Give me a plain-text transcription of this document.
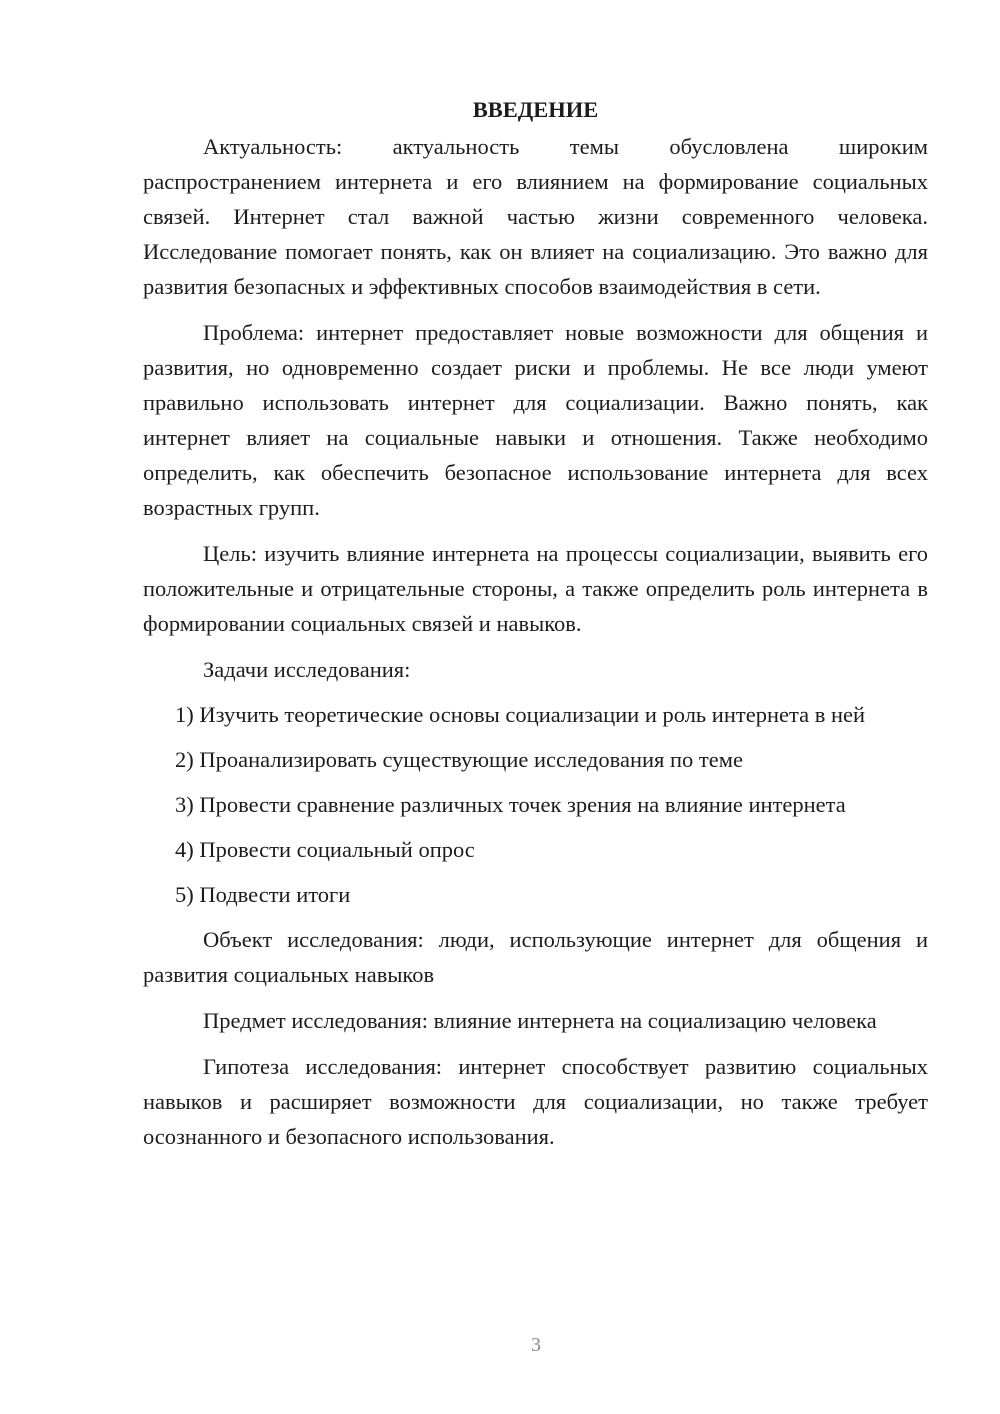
ВВЕДЕНИЕ

Актуальность: актуальность темы обусловлена широким распространением интернета и его влиянием на формирование социальных связей. Интернет стал важной частью жизни современного человека. Исследование помогает понять, как он влияет на социализацию. Это важно для развития безопасных и эффективных способов взаимодействия в сети.

Проблема: интернет предоставляет новые возможности для общения и развития, но одновременно создает риски и проблемы. Не все люди умеют правильно использовать интернет для социализации. Важно понять, как интернет влияет на социальные навыки и отношения. Также необходимо определить, как обеспечить безопасное использование интернета для всех возрастных групп.

Цель: изучить влияние интернета на процессы социализации, выявить его положительные и отрицательные стороны, а также определить роль интернета в формировании социальных связей и навыков.

Задачи исследования:

1) Изучить теоретические основы социализации и роль интернета в ней

2) Проанализировать существующие исследования по теме

3) Провести сравнение различных точек зрения на влияние интернета

4) Провести социальный опрос

5) Подвести итоги

Объект исследования: люди, использующие интернет для общения и развития социальных навыков

Предмет исследования: влияние интернета на социализацию человека

Гипотеза исследования: интернет способствует развитию социальных навыков и расширяет возможности для социализации, но также требует осознанного и безопасного использования.

3
